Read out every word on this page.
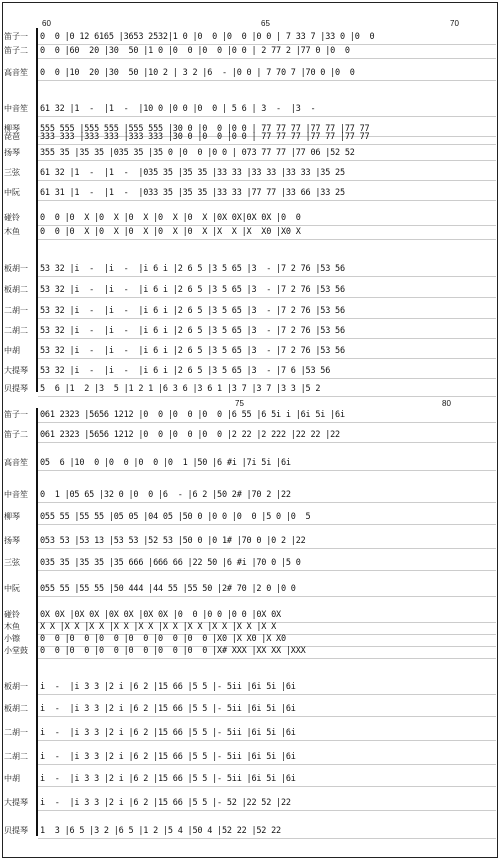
60	65	70
笛子一 0  0 |0 12 6165 |3653 2532|1 0 |0  0 |0  0 |0 0 | 7 33 7 |33 0 |0  0
笛子二 0  0 |60  20 |30  50 |1 0 |0  0 |0  0 |0 0 | 2 77 2 |77 0 |0  0
高音笙 0  0 |10  20 |30  50 |10 2 | 3 2 |6  - |0 0 | 7 70 7 |70 0 |0  0
中音笙 61 32 |1  -  |1  -  |10 0 |0 0 |0  0 | 5 6 | 3  -  |3  -
柳琴 555 555 |555 555 |555 555 |30 0 |0  0 |0 0 | 77 77 77 |77 77 |77 77
琵琶 333 333 |333 333 |333 333 |30 0 |0  0 |0 0 | 77 77 77 |77 77 |77 77
扬琴 355 35 |35 35 |035 35 |35 0 |0  0 |0 0 | 073 77 77 |77 06 |52 52
三弦 61 32 |1  -  |1  -  |035 35 |35 35 |33 33 |33 33 |33 33 |35 25
中阮 61 31 |1  -  |1  -  |033 35 |35 35 |33 33 |77 77 |33 66 |33 25
碰铃 0  0 |0  X |0  X |0  X |0  X |0  X |0X 0X|0X 0X |0  0
木鱼 0  0 |0  X |0  X |0  X |0  X |0  X |X  X |X  X0 |X0 X
板胡一 53 32 |i  -  |i  -  |i 6 i |2 6 5 |3 5 65 |3  - |7 2 76 |53 56
板胡二 53 32 |i  -  |i  -  |i 6 i |2 6 5 |3 5 65 |3  - |7 2 76 |53 56
二胡一 53 32 |i  -  |i  -  |i 6 i |2 6 5 |3 5 65 |3  - |7 2 76 |53 56
二胡二 53 32 |i  -  |i  -  |i 6 i |2 6 5 |3 5 65 |3  - |7 2 76 |53 56
中胡 53 32 |i  -  |i  -  |i 6 i |2 6 5 |3 5 65 |3  - |7 2 76 |53 56
大提琴 53 32 |i  -  |i  -  |i 6 i |2 6 5 |3 5 65 |3  - |7 6 |53 56
贝提琴 5  6 |1  2 |3  5 |1 2 1 |6 3 6 |3 6 1 |3 7 |3 7 |3 3 |5 2
75	80
笛子一 061 2323 |5656 1212 |0  0 |0  0 |0  0 |6 55 |6 5i i |6i 5i |6i
笛子二 061 2323 |5656 1212 |0  0 |0  0 |0  0 |2 22 |2 222 |22 22 |22
高音笙 05  6 |10  0 |0  0 |0  0 |0  1 |50 |6 #i |7i 5i |6i
中音笙 0  1 |05 65 |32 0 |0  0 |6  - |6 2 |50 2# |70 2 |22
柳琴 055 55 |55 55 |05 05 |04 05 |50 0 |0 0 |0  0 |5 0 |0  5
扬琴 053 53 |53 13 |53 53 |52 53 |50 0 |0 1# |70 0 |0 2 |22
三弦 035 35 |35 35 |35 666 |666 66 |22 50 |6 #i |70 0 |5 0
中阮 055 55 |55 55 |50 444 |44 55 |55 50 |2# 70 |2 0 |0 0
碰铃 0X 0X |0X 0X |0X 0X |0X 0X |0  0 |0 0 |0 0 |0X 0X
木鱼 X X |X X |X X |X X |X X |X X |X X |X X |X X |X X
小镲 0  0 |0  0 |0  0 |0  0 |0  0 |0  0 |X0 |X X0 |X X0
小堂鼓 0  0 |0  0 |0  0 |0  0 |0  0 |0  0 |X# XXX |XX XX |XXX
板胡一 i  -  |i 3 3 |2 i |6 2 |15 66 |5 5 |- 5ii |6i 5i |6i
板胡二 i  -  |i 3 3 |2 i |6 2 |15 66 |5 5 |- 5ii |6i 5i |6i
二胡一 i  -  |i 3 3 |2 i |6 2 |15 66 |5 5 |- 5ii |6i 5i |6i
二胡二 i  -  |i 3 3 |2 i |6 2 |15 66 |5 5 |- 5ii |6i 5i |6i
中胡 i  -  |i 3 3 |2 i |6 2 |15 66 |5 5 |- 5ii |6i 5i |6i
大提琴 i  -  |i 3 3 |2 i |6 2 |15 66 |5 5 |- 52 |22 52 |22
贝提琴 1  3 |6 5 |3 2 |6 5 |1 2 |5 4 |50 4 |52 22 |52 22
